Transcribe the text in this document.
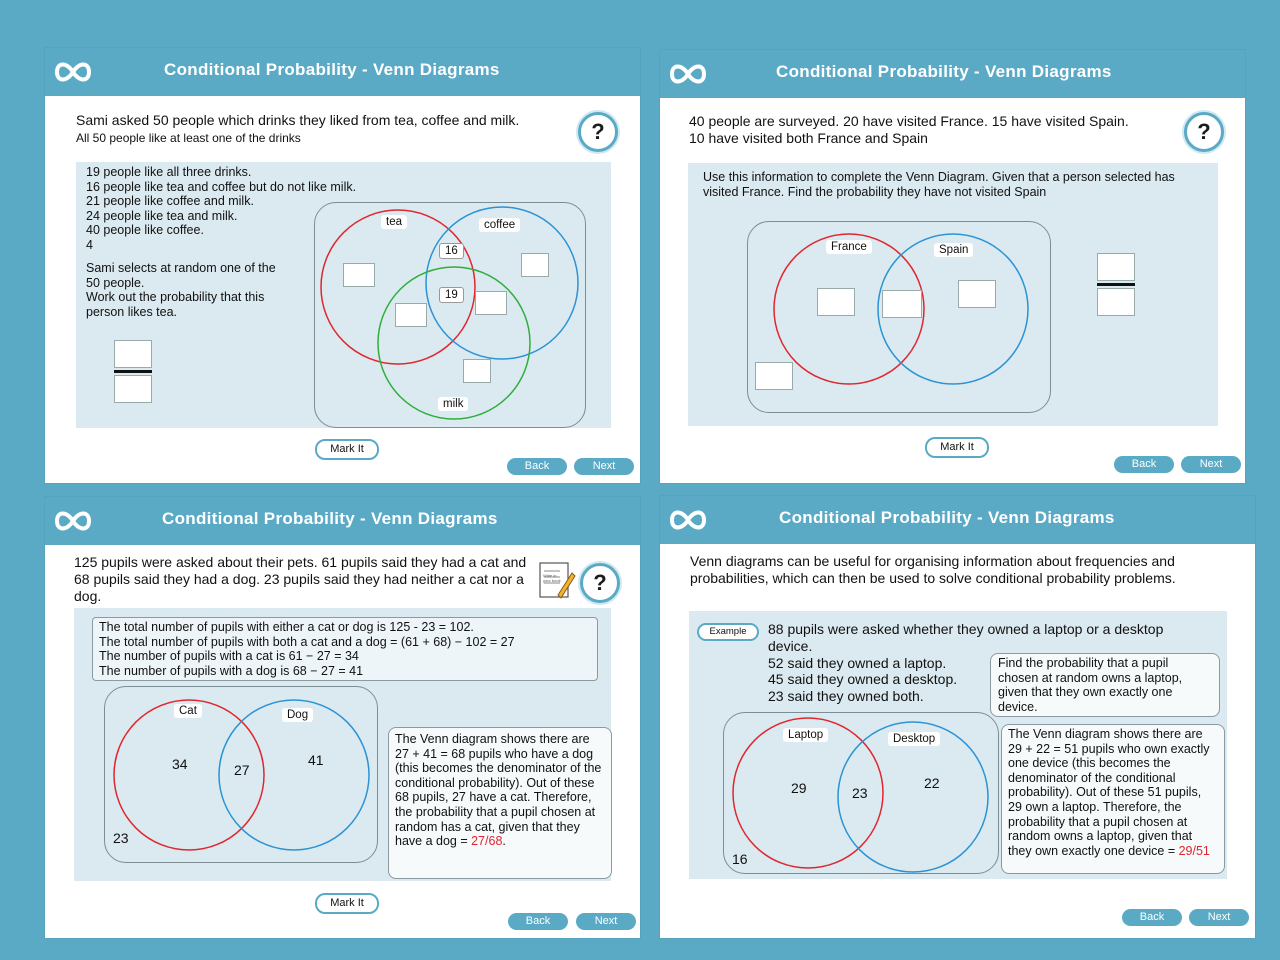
Conditional Probability - Venn Diagrams
Sami asked 50 people which drinks they liked from tea, coffee and milk. All 50 people like at least one of the drinks	?
19 people like all three drinks.
16 people like tea and coffee but do not like milk.
21 people like coffee and milk.
24 people like tea and milk.
40 people like coffee.
4
Sami selects at random one of the
50 people.
Work out the probability that this
person likes tea.
tea	coffee
milk
16
19
Mark It
Back	Next
Conditional Probability - Venn Diagrams
40 people are surveyed. 20 have visited France. 15 have visited Spain. 10 have visited both France and Spain	?
Use this information to complete the Venn Diagram. Given that a person selected has visited France. Find the probability they have not visited Spain
France	Spain
Mark It
Back	Next
Conditional Probability - Venn Diagrams
125 pupils were asked about their pets. 61 pupils said they had a cat and 68 pupils said they had a dog. 23 pupils said they had neither a cat nor a dog.
Write in your book	?
The total number of pupils with either a cat or dog is 125 - 23 = 102.
The total number of pupils with both a cat and a dog = (61 + 68) − 102 = 27
The number of pupils with a cat is 61 − 27 = 34
The number of pupils with a dog is 68 − 27 = 41
Cat	Dog
34	27
41
23
The Venn diagram shows there are 27 + 41 = 68 pupils who have a dog (this becomes the denominator of the conditional probability). Out of these 68 pupils, 27 have a cat. Therefore, the probability that a pupil chosen at random has a cat, given that they have a dog = 27/68.
Mark It
Back	Next
Conditional Probability - Venn Diagrams
Venn diagrams can be useful for organising information about frequencies and probabilities, which can then be used to solve conditional probability problems.
Example	88 pupils were asked whether they owned a laptop or a desktop device.
52 said they owned a laptop.
45 said they owned a desktop.
23 said they owned both.
Find the probability that a pupil chosen at random owns a laptop, given that they own exactly one device.
Laptop	Desktop
29	23
22
16
The Venn diagram shows there are 29 + 22 = 51 pupils who own exactly one device (this becomes the denominator of the conditional probability). Out of these 51 pupils, 29 own a laptop. Therefore, the probability that a pupil chosen at random owns a laptop, given that they own exactly one device = 29/51
Back	Next
